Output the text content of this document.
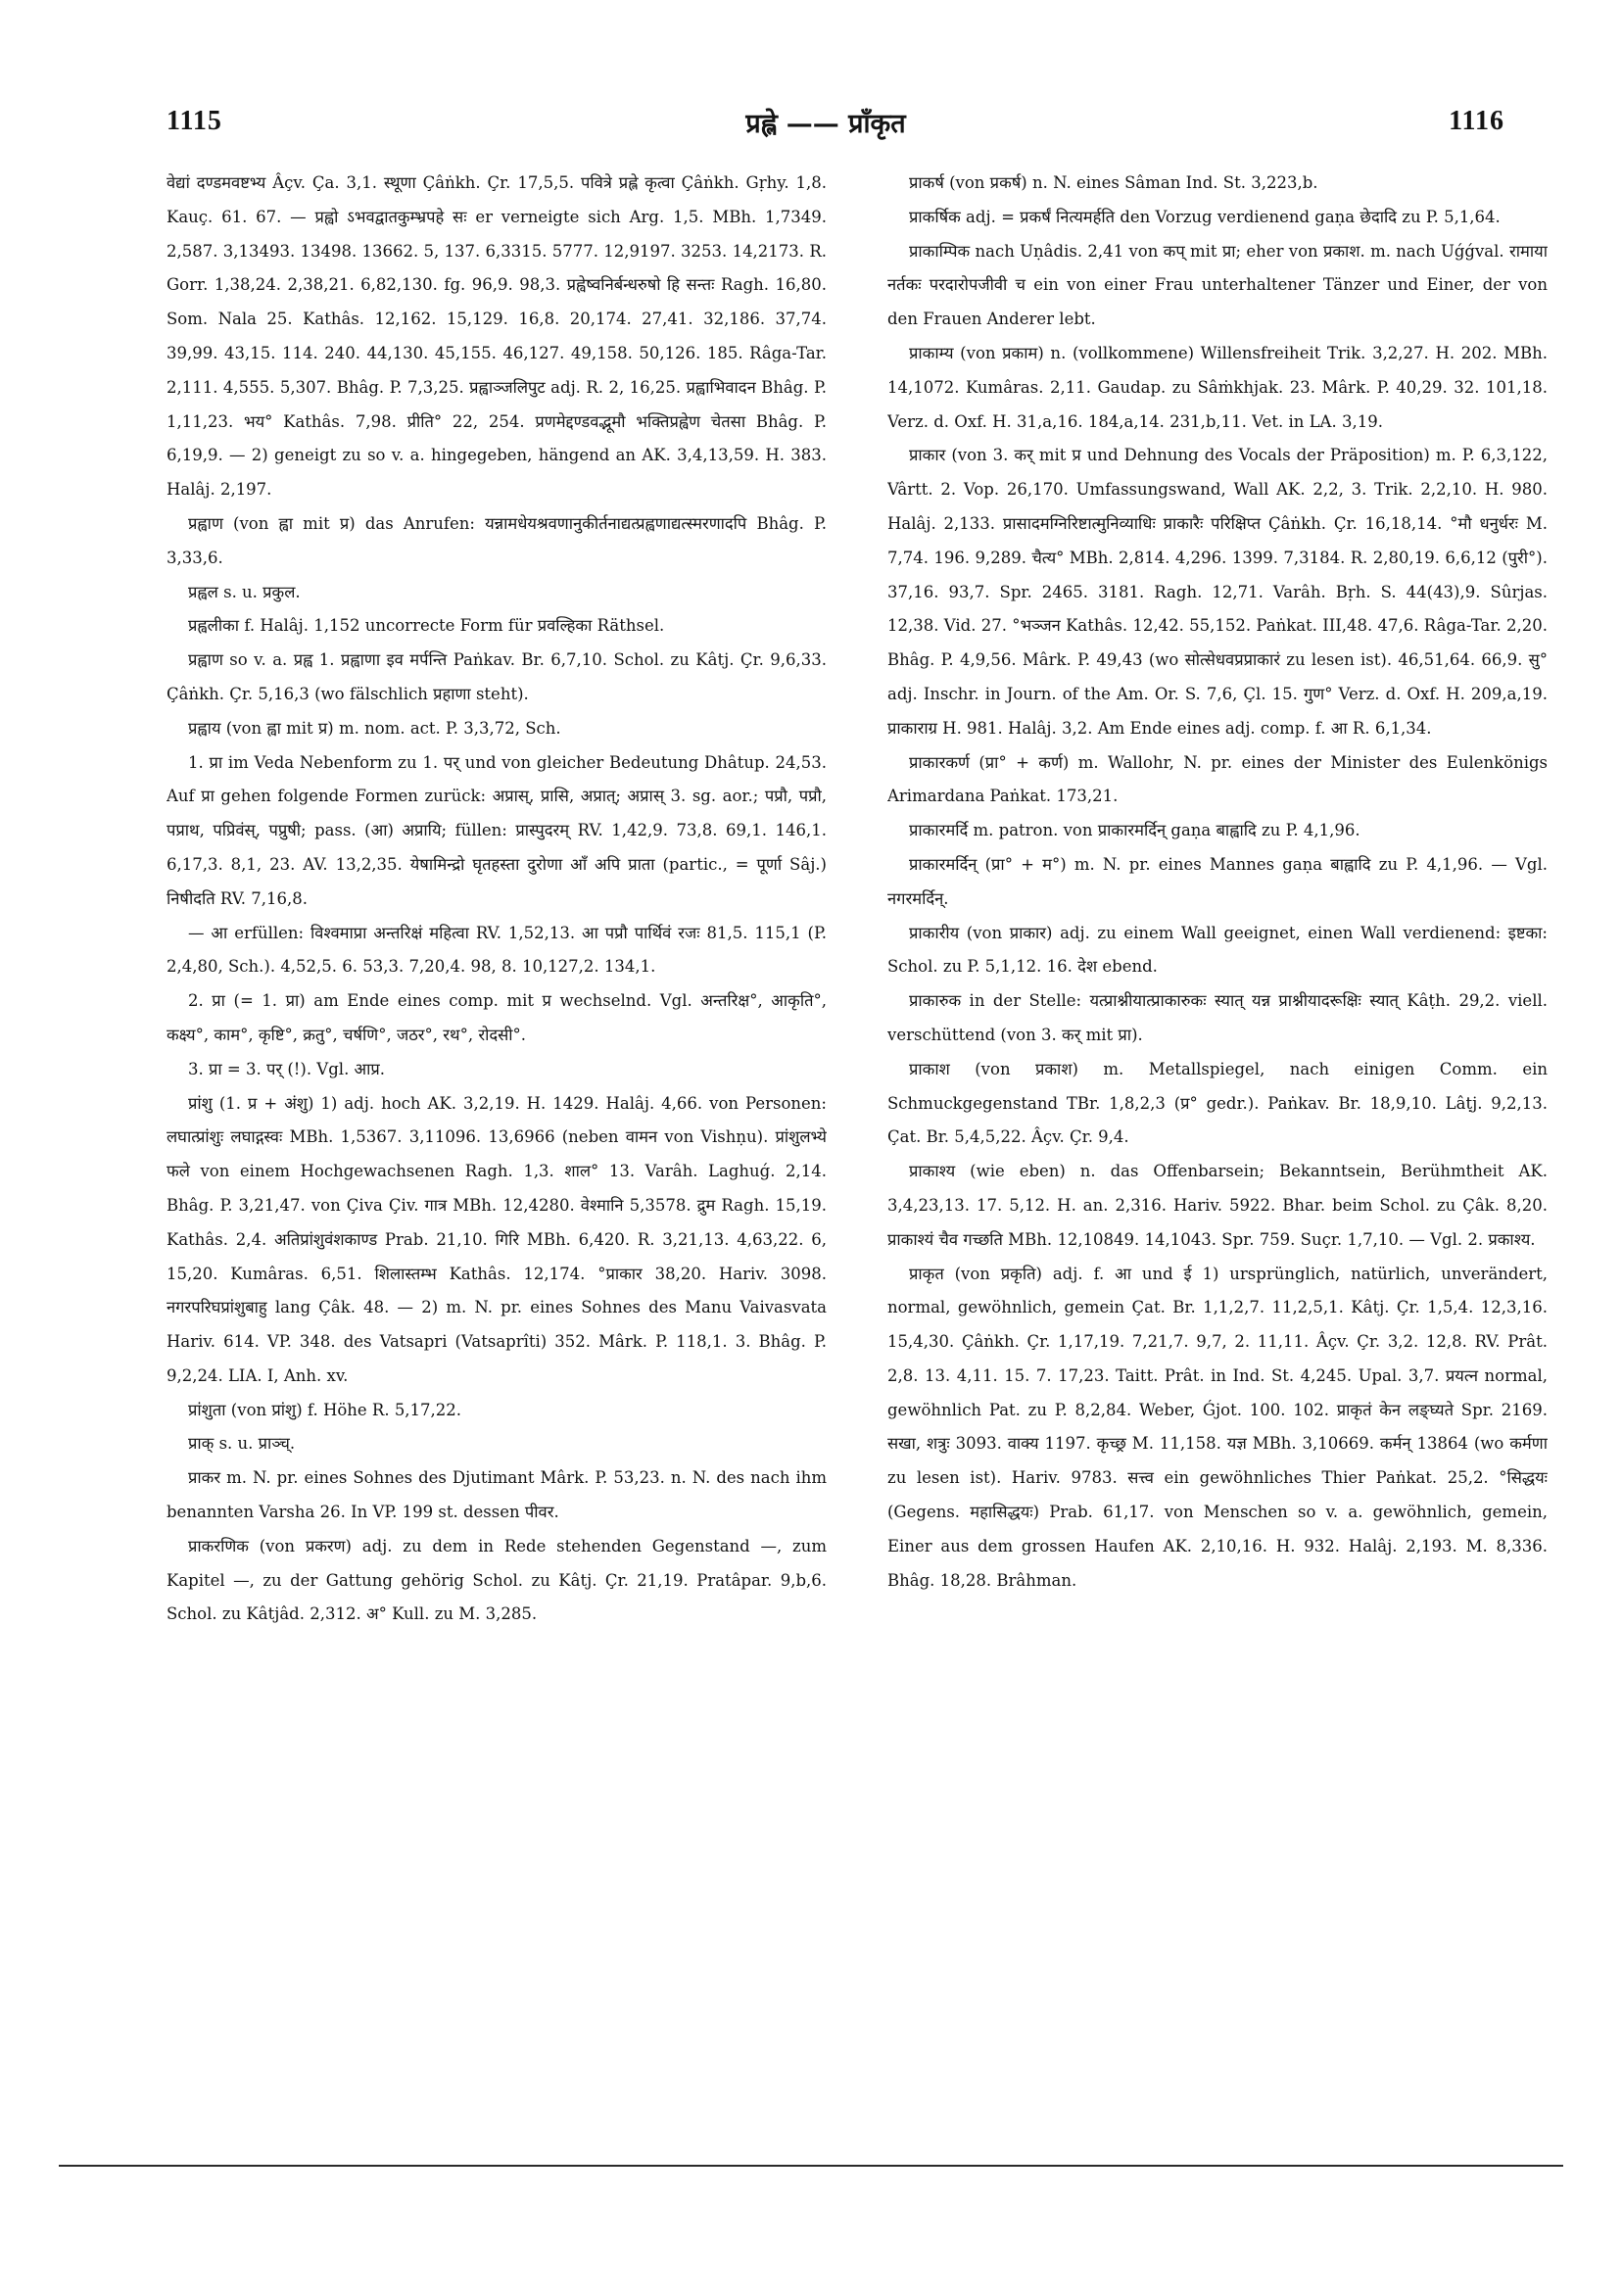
1115	प्रह्ले —— प्राँकृत	1116

वेद्यां दण्डमवष्टभ्य Âçv. Ça. 3,1. स्थूणा Çâṅkh. Çr. 17,5,5. पवित्रे प्रह्ले कृत्वा Çâṅkh. Gṛhy. 1,8. Kauç. 61. 67. — प्रह्वो ऽभवद्वातकुम्भ्रपहे सः er verneigte sich Arg. 1,5. MBh. 1,7349. 2,587. 3,13493. 13498. 13662. 5, 137. 6,3315. 5777. 12,9197. 3253. 14,2173. R. Gorr. 1,38,24. 2,38,21. 6,82,130. fg. 96,9. 98,3. प्रह्वेष्वनिर्बन्धरुषो हि सन्तः Ragh. 16,80. Som. Nala 25. Kathâs. 12,162. 15,129. 16,8. 20,174. 27,41. 32,186. 37,74. 39,99. 43,15. 114. 240. 44,130. 45,155. 46,127. 49,158. 50,126. 185. Râga-Tar. 2,111. 4,555. 5,307. Bhâg. P. 7,3,25. प्रह्वाञ्जलिपुट adj. R. 2, 16,25. प्रह्वाभिवादन Bhâg. P. 1,11,23. भय° Kathâs. 7,98. प्रीति° 22, 254. प्रणमेद्दण्डवद्भूमौ भक्तिप्रह्वेण चेतसा Bhâg. P. 6,19,9. — 2) geneigt zu so v. a. hingegeben, hängend an AK. 3,4,13,59. H. 383. Halâj. 2,197.

प्रह्वाण (von ह्वा mit प्र) das Anrufen: यन्नामधेयश्रवणानुकीर्तनाद्यत्प्रह्वणाद्यत्स्मरणादपि Bhâg. P. 3,33,6.

प्रह्वल s. u. प्रकुल.

प्रह्वलीका f. Halâj. 1,152 uncorrecte Form für प्रवल्हिका Räthsel.

प्रह्वाण so v. a. प्रह्व 1. प्रह्वाणा इव मर्पन्ति Paṅkav. Br. 6,7,10. Schol. zu Kâtj. Çr. 9,6,33. Çâṅkh. Çr. 5,16,3 (wo fälschlich प्रहाणा steht).

प्रह्वाय (von ह्वा mit प्र) m. nom. act. P. 3,3,72, Sch.

1. प्रा im Veda Nebenform zu 1. पर् und von gleicher Bedeutung Dhâtup. 24,53. Auf प्रा gehen folgende Formen zurück: अप्रास्, प्रासि, अप्रात्; अप्रास् 3. sg. aor.; पप्रौ, पप्रौ, पप्राथ, पप्रिवंस्, पप्रुषी; pass. (आ) अप्रायि; füllen: प्रास्पुदरम् RV. 1,42,9. 73,8. 69,1. 146,1. 6,17,3. 8,1, 23. AV. 13,2,35. येषामिन्द्रो घृतहस्ता दुरोणा आँ अपि प्राता (partic., = पूर्णा Sâj.) निषीदति RV. 7,16,8.

— आ erfüllen: विश्वमाप्रा अन्तरिक्षं महित्वा RV. 1,52,13. आ पप्रौ पार्थिवं रजः 81,5. 115,1 (P. 2,4,80, Sch.). 4,52,5. 6. 53,3. 7,20,4. 98, 8. 10,127,2. 134,1.

2. प्रा (= 1. प्रा) am Ende eines comp. mit प्र wechselnd. Vgl. अन्तरिक्ष°, आकृति°, कक्ष्य°, काम°, कृष्टि°, क्रतु°, चर्षणि°, जठर°, रथ°, रोदसी°.

3. प्रा = 3. पर् (!). Vgl. आप्र.

प्रांशु (1. प्र + अंशु) 1) adj. hoch AK. 3,2,19. H. 1429. Halâj. 4,66. von Personen: लघात्प्रांशुः लघाद्गस्वः MBh. 1,5367. 3,11096. 13,6966 (neben वामन von Vishṇu). प्रांशुलभ्ये फले von einem Hochgewachsenen Ragh. 1,3. शाल° 13. Varâh. Laghuǵ. 2,14. Bhâg. P. 3,21,47. von Çiva Çiv. गात्र MBh. 12,4280. वेश्मानि 5,3578. द्रुम Ragh. 15,19. Kathâs. 2,4. अतिप्रांशुवंशकाण्ड Prab. 21,10. गिरि MBh. 6,420. R. 3,21,13. 4,63,22. 6, 15,20. Kumâras. 6,51. शिलास्तम्भ Kathâs. 12,174. °प्राकार 38,20. Hariv. 3098. नगरपरिघप्रांशुबाहु lang Çâk. 48. — 2) m. N. pr. eines Sohnes des Manu Vaivasvata Hariv. 614. VP. 348. des Vatsapri (Vatsaprîti) 352. Mârk. P. 118,1. 3. Bhâg. P. 9,2,24. LIA. I, Anh. xv.

प्रांशुता (von प्रांशु) f. Höhe R. 5,17,22.

प्राक् s. u. प्राञ्च्.

प्राकर m. N. pr. eines Sohnes des Djutimant Mârk. P. 53,23. n. N. des nach ihm benannten Varsha 26. In VP. 199 st. dessen पीवर.

प्राकरणिक (von प्रकरण) adj. zu dem in Rede stehenden Gegenstand —, zum Kapitel —, zu der Gattung gehörig Schol. zu Kâtj. Çr. 21,19. Pratâpar. 9,b,6. Schol. zu Kâtjâd. 2,312. अ° Kull. zu M. 3,285.

प्राकर्ष (von प्रकर्ष) n. N. eines Sâman Ind. St. 3,223,b.

प्राकर्षिक adj. = प्रकर्षं नित्यमर्हति den Vorzug verdienend gaṇa छेदादि zu P. 5,1,64.

प्राकाम्पिक nach Uṇâdis. 2,41 von कप् mit प्रा; eher von प्रकाश. m. nach Uǵǵval. रामाया नर्तकः परदारोपजीवी च ein von einer Frau unterhaltener Tänzer und Einer, der von den Frauen Anderer lebt.

प्राकाम्य (von प्रकाम) n. (vollkommene) Willensfreiheit Trik. 3,2,27. H. 202. MBh. 14,1072. Kumâras. 2,11. Gaudap. zu Sâṁkhjak. 23. Mârk. P. 40,29. 32. 101,18. Verz. d. Oxf. H. 31,a,16. 184,a,14. 231,b,11. Vet. in LA. 3,19.

प्राकार (von 3. कर् mit प्र und Dehnung des Vocals der Präposition) m. P. 6,3,122, Vârtt. 2. Vop. 26,170. Umfassungswand, Wall AK. 2,2, 3. Trik. 2,2,10. H. 980. Halâj. 2,133. प्रासादमग्निरिष्टात्मुनिव्याधिः प्राकारैः परिक्षिप्त Çâṅkh. Çr. 16,18,14. °मौ धनुर्धरः M. 7,74. 196. 9,289. चैत्य° MBh. 2,814. 4,296. 1399. 7,3184. R. 2,80,19. 6,6,12 (पुरी°). 37,16. 93,7. Spr. 2465. 3181. Ragh. 12,71. Varâh. Bṛh. S. 44(43),9. Sûrjas. 12,38. Vid. 27. °भञ्जन Kathâs. 12,42. 55,152. Paṅkat. III,48. 47,6. Râga-Tar. 2,20. Bhâg. P. 4,9,56. Mârk. P. 49,43 (wo सोत्सेधवप्रप्राकारं zu lesen ist). 46,51,64. 66,9. सु° adj. Inschr. in Journ. of the Am. Or. S. 7,6, Çl. 15. गुण° Verz. d. Oxf. H. 209,a,19. प्राकाराग्र H. 981. Halâj. 3,2. Am Ende eines adj. comp. f. आ R. 6,1,34.

प्राकारकर्ण (प्रा° + कर्ण) m. Wallohr, N. pr. eines der Minister des Eulenkönigs Arimardana Paṅkat. 173,21.

प्राकारमर्दि m. patron. von प्राकारमर्दिन् gaṇa बाह्वादि zu P. 4,1,96.

प्राकारमर्दिन् (प्रा° + म°) m. N. pr. eines Mannes gaṇa बाह्वादि zu P. 4,1,96. — Vgl. नगरमर्दिन्.

प्राकारीय (von प्राकार) adj. zu einem Wall geeignet, einen Wall verdienend: इष्टका: Schol. zu P. 5,1,12. 16. देश ebend.

प्राकारुक in der Stelle: यत्प्राश्नीयात्प्राकारुकः स्यात् यन्न प्राश्नीयादरूक्षिः स्यात् Kâṭh. 29,2. viell. verschüttend (von 3. कर् mit प्रा).

प्राकाश (von प्रकाश) m. Metallspiegel, nach einigen Comm. ein Schmuckgegenstand TBr. 1,8,2,3 (प्र° gedr.). Paṅkav. Br. 18,9,10. Lâṭj. 9,2,13. Çat. Br. 5,4,5,22. Âçv. Çr. 9,4.

प्राकाश्य (wie eben) n. das Offenbarsein; Bekanntsein, Berühmtheit AK. 3,4,23,13. 17. 5,12. H. an. 2,316. Hariv. 5922. Bhar. beim Schol. zu Çâk. 8,20. प्राकाश्यं चैव गच्छति MBh. 12,10849. 14,1043. Spr. 759. Suçr. 1,7,10. — Vgl. 2. प्रकाश्य.

प्राकृत (von प्रकृति) adj. f. आ und ई 1) ursprünglich, natürlich, unverändert, normal, gewöhnlich, gemein Çat. Br. 1,1,2,7. 11,2,5,1. Kâtj. Çr. 1,5,4. 12,3,16. 15,4,30. Çâṅkh. Çr. 1,17,19. 7,21,7. 9,7, 2. 11,11. Âçv. Çr. 3,2. 12,8. RV. Prât. 2,8. 13. 4,11. 15. 7. 17,23. Taitt. Prât. in Ind. St. 4,245. Upal. 3,7. प्रयत्न normal, gewöhnlich Pat. zu P. 8,2,84. Weber, Ǵjot. 100. 102. प्राकृतं केन लङ्घ्यते Spr. 2169. सखा, शत्रुः 3093. वाक्य 1197. कृच्छ्र M. 11,158. यज्ञ MBh. 3,10669. कर्मन् 13864 (wo कर्मणा zu lesen ist). Hariv. 9783. सत्त्व ein gewöhnliches Thier Paṅkat. 25,2. °सिद्धयः (Gegens. महासिद्धयः) Prab. 61,17. von Menschen so v. a. gewöhnlich, gemein, Einer aus dem grossen Haufen AK. 2,10,16. H. 932. Halâj. 2,193. M. 8,336. Bhâg. 18,28. Brâhman.
